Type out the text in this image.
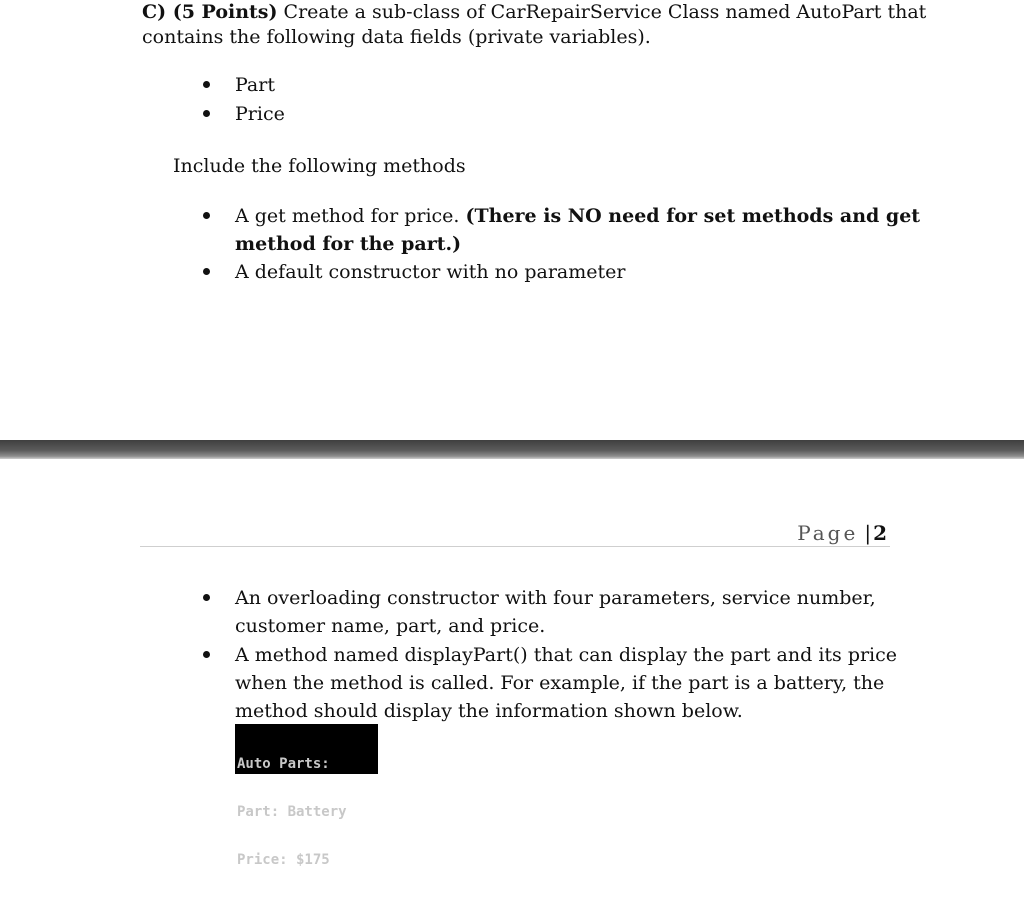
C) (5 Points) Create a sub-class of CarRepairService Class named AutoPart that
contains the following data fields (private variables).

Part
Price

Include the following methods

A get method for price. (There is NO need for set methods and get
method for the part.)
A default constructor with no parameter
Page | 2
An overloading constructor with four parameters, service number,
customer name, part, and price.
A method named displayPart() that can display the part and its price
when the method is called. For example, if the part is a battery, the
method should display the information shown below.

Auto Parts:

Part: Battery

Price: $175
